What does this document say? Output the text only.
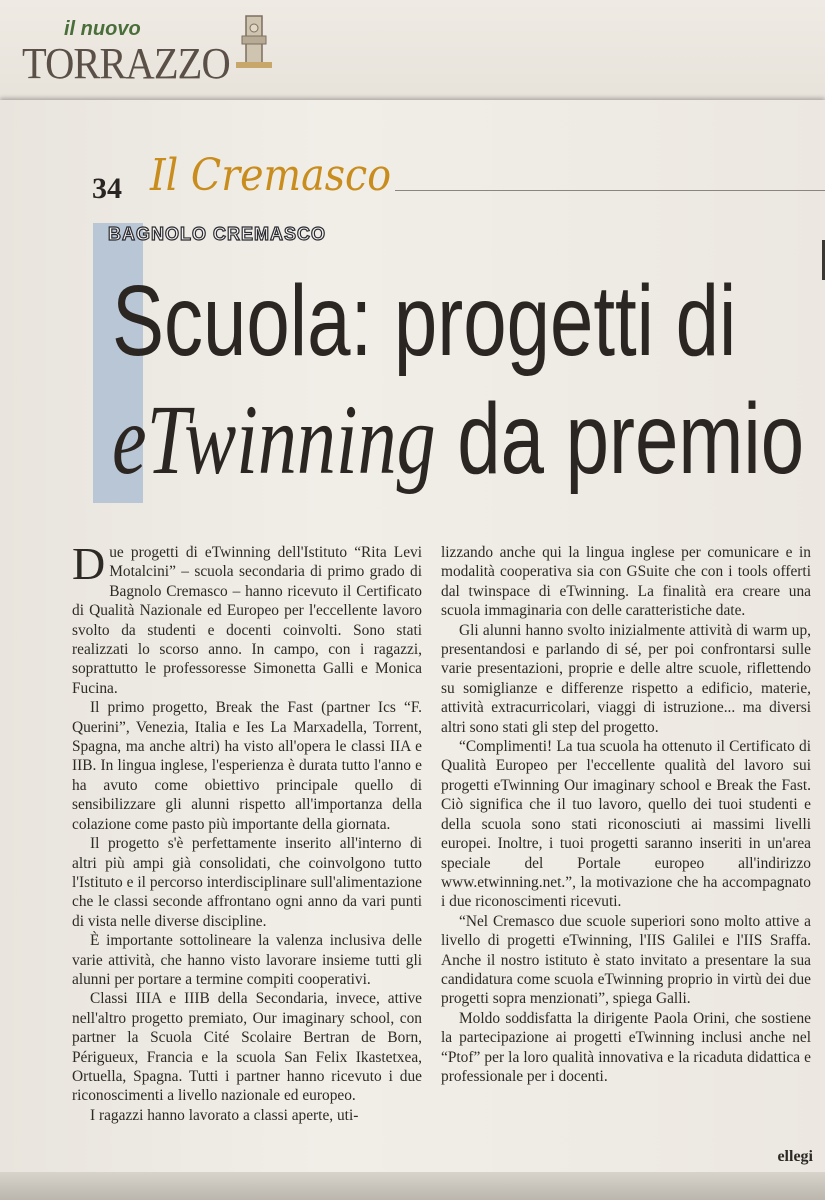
il nuovo
TORRAZZO
34 Il Cremasco
BAGNOLO CREMASCO
Scuola: progetti di
eTwinning da premio

Due progetti di eTwinning dell'Istituto “Rita Levi Motalcini” – scuola secondaria di primo grado di Bagnolo Cremasco – hanno ricevuto il Certificato di Qualità Nazionale ed Europeo per l'eccellente lavoro svolto da studenti e docenti coinvolti. Sono stati realizzati lo scorso anno. In campo, con i ragazzi, soprattutto le professoresse Simonetta Galli e Monica Fucina.

Il primo progetto, Break the Fast (partner Ics “F. Querini”, Venezia, Italia e Ies La Marxadella, Torrent, Spagna, ma anche altri) ha visto all'opera le classi IIA e IIB. In lingua inglese, l'esperienza è durata tutto l'anno e ha avuto come obiettivo principale quello di sensibilizzare gli alunni rispetto all'importanza della colazione come pasto più importante della giornata.

Il progetto s'è perfettamente inserito all'interno di altri più ampi già consolidati, che coinvolgono tutto l'Istituto e il percorso interdisciplinare sull'alimentazione che le classi seconde affrontano ogni anno da vari punti di vista nelle diverse discipline.

È importante sottolineare la valenza inclusiva delle varie attività, che hanno visto lavorare insieme tutti gli alunni per portare a termine compiti cooperativi.

Classi IIIA e IIIB della Secondaria, invece, attive nell'altro progetto premiato, Our imaginary school, con partner la Scuola Cité Scolaire Bertran de Born, Périgueux, Francia e la scuola San Felix Ikastetxea, Ortuella, Spagna. Tutti i partner hanno ricevuto i due riconoscimenti a livello nazionale ed europeo.

I ragazzi hanno lavorato a classi aperte, uti-

lizzando anche qui la lingua inglese per comunicare e in modalità cooperativa sia con GSuite che con i tools offerti dal twinspace di eTwinning. La finalità era creare una scuola immaginaria con delle caratteristiche date.

Gli alunni hanno svolto inizialmente attività di warm up, presentandosi e parlando di sé, per poi confrontarsi sulle varie presentazioni, proprie e delle altre scuole, riflettendo su somiglianze e differenze rispetto a edificio, materie, attività extracurricolari, viaggi di istruzione... ma diversi altri sono stati gli step del progetto.

“Complimenti! La tua scuola ha ottenuto il Certificato di Qualità Europeo per l'eccellente qualità del lavoro sui progetti eTwinning Our imaginary school e Break the Fast. Ciò significa che il tuo lavoro, quello dei tuoi studenti e della scuola sono stati riconosciuti ai massimi livelli europei. Inoltre, i tuoi progetti saranno inseriti in un'area speciale del Portale europeo all'indirizzo www.etwinning.net.”, la motivazione che ha accompagnato i due riconoscimenti ricevuti.

“Nel Cremasco due scuole superiori sono molto attive a livello di progetti eTwinning, l'IIS Galilei e l'IIS Sraffa. Anche il nostro istituto è stato invitato a presentare la sua candidatura come scuola eTwinning proprio in virtù dei due progetti sopra menzionati”, spiega Galli.

Moldo soddisfatta la dirigente Paola Orini, che sostiene la partecipazione ai progetti eTwinning inclusi anche nel “Ptof” per la loro qualità innovativa e la ricaduta didattica e professionale per i docenti.

ellegi
